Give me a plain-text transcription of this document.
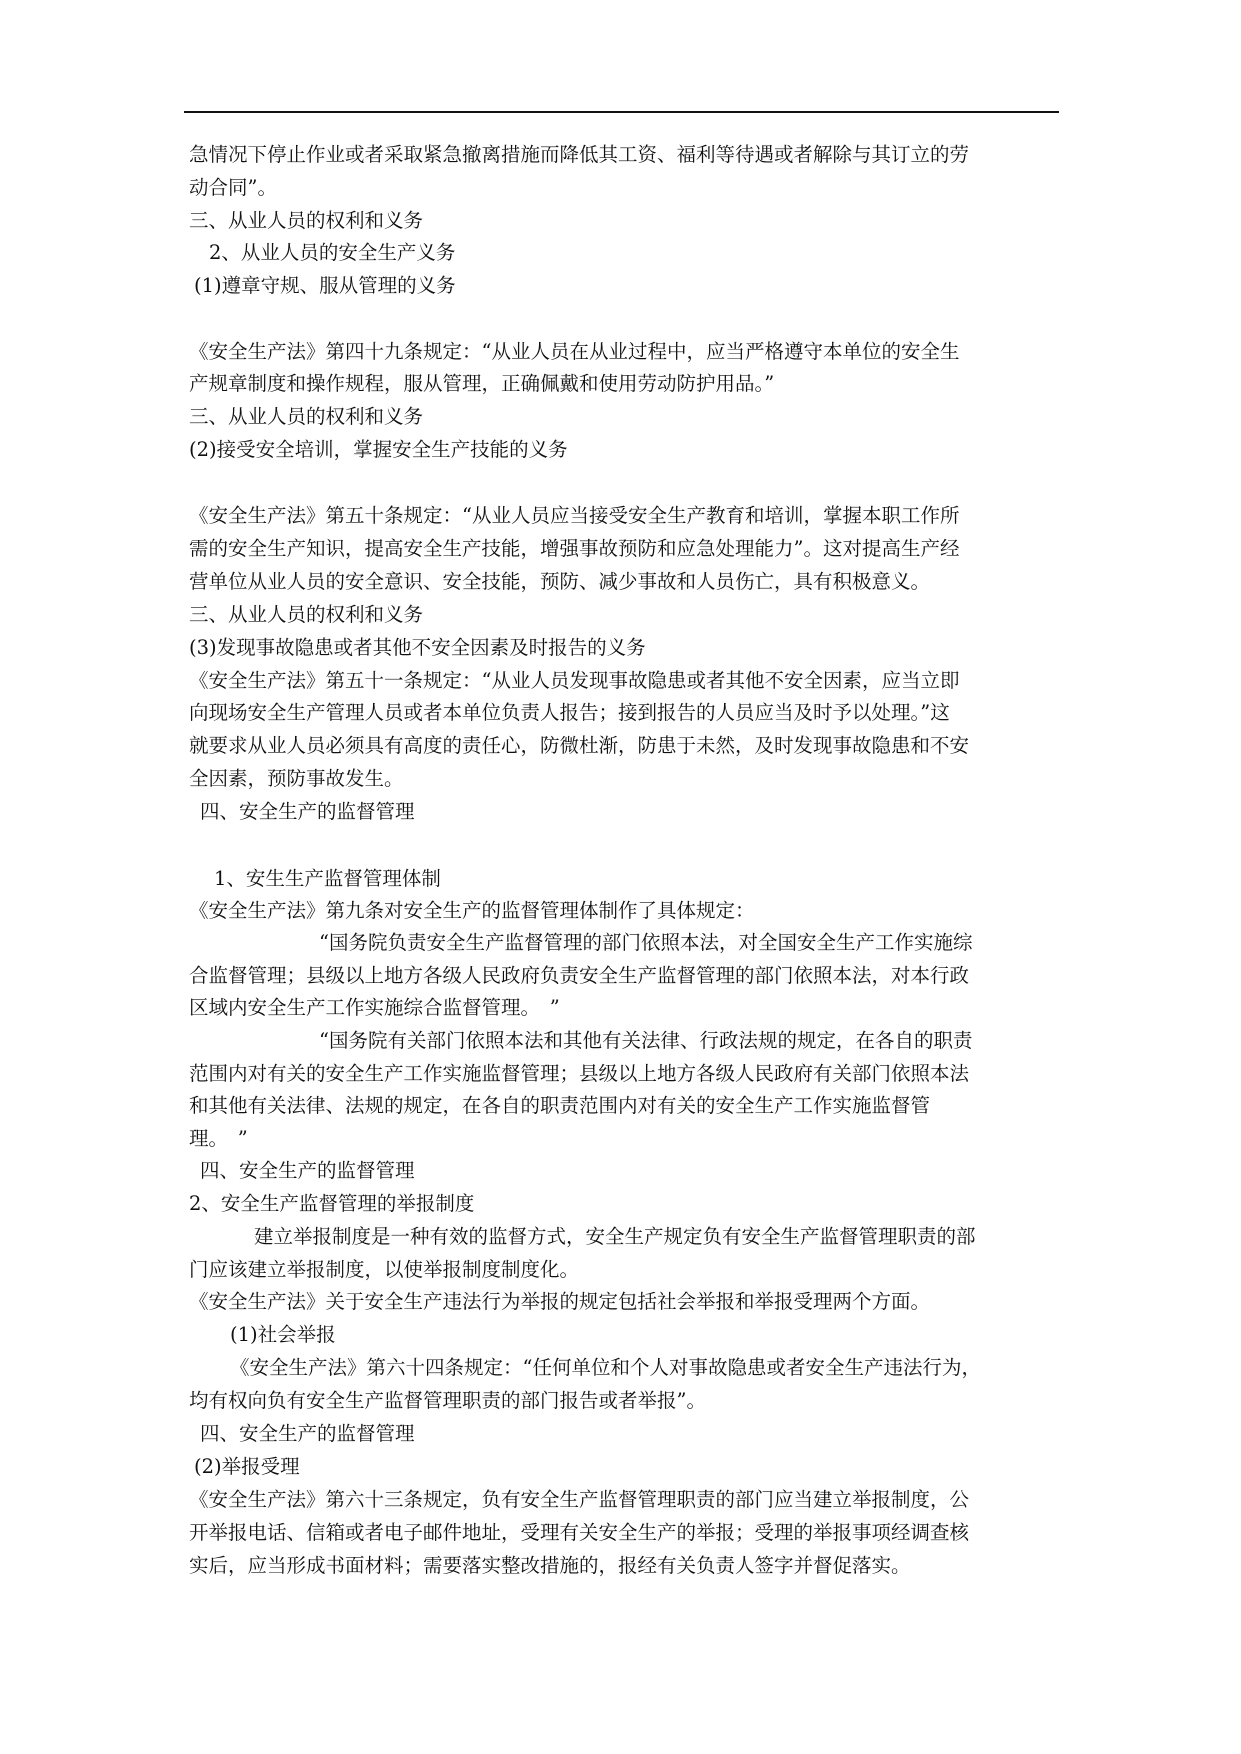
急情况下停止作业或者采取紧急撤离措施而降低其工资、福利等待遇或者解除与其订立的劳
动合同”。
三、从业人员的权利和义务
2、从业人员的安全生产义务
(1)遵章守规、服从管理的义务
《安全生产法》第四十九条规定：“从业人员在从业过程中，应当严格遵守本单位的安全生
产规章制度和操作规程，服从管理，正确佩戴和使用劳动防护用品。”
三、从业人员的权利和义务
(2)接受安全培训，掌握安全生产技能的义务
《安全生产法》第五十条规定：“从业人员应当接受安全生产教育和培训，掌握本职工作所
需的安全生产知识，提高安全生产技能，增强事故预防和应急处理能力”。这对提高生产经
营单位从业人员的安全意识、安全技能，预防、减少事故和人员伤亡，具有积极意义。
三、从业人员的权利和义务
(3)发现事故隐患或者其他不安全因素及时报告的义务
《安全生产法》第五十一条规定：“从业人员发现事故隐患或者其他不安全因素，应当立即
向现场安全生产管理人员或者本单位负责人报告；接到报告的人员应当及时予以处理。”这
就要求从业人员必须具有高度的责任心，防微杜渐，防患于未然，及时发现事故隐患和不安
全因素，预防事故发生。
四、安全生产的监督管理
1、安生生产监督管理体制
《安全生产法》第九条对安全生产的监督管理体制作了具体规定：
“国务院负责安全生产监督管理的部门依照本法，对全国安全生产工作实施综
合监督管理；县级以上地方各级人民政府负责安全生产监督管理的部门依照本法，对本行政
区域内安全生产工作实施综合监督管理。　”
“国务院有关部门依照本法和其他有关法律、行政法规的规定，在各自的职责
范围内对有关的安全生产工作实施监督管理；县级以上地方各级人民政府有关部门依照本法
和其他有关法律、法规的规定，在各自的职责范围内对有关的安全生产工作实施监督管
理。　”
四、安全生产的监督管理
2、安全生产监督管理的举报制度
建立举报制度是一种有效的监督方式，安全生产规定负有安全生产监督管理职责的部
门应该建立举报制度，以使举报制度制度化。
《安全生产法》关于安全生产违法行为举报的规定包括社会举报和举报受理两个方面。
(1)社会举报
《安全生产法》第六十四条规定：“任何单位和个人对事故隐患或者安全生产违法行为，
均有权向负有安全生产监督管理职责的部门报告或者举报”。
四、安全生产的监督管理
(2)举报受理
《安全生产法》第六十三条规定，负有安全生产监督管理职责的部门应当建立举报制度，公
开举报电话、信箱或者电子邮件地址，受理有关安全生产的举报；受理的举报事项经调查核
实后，应当形成书面材料；需要落实整改措施的，报经有关负责人签字并督促落实。
